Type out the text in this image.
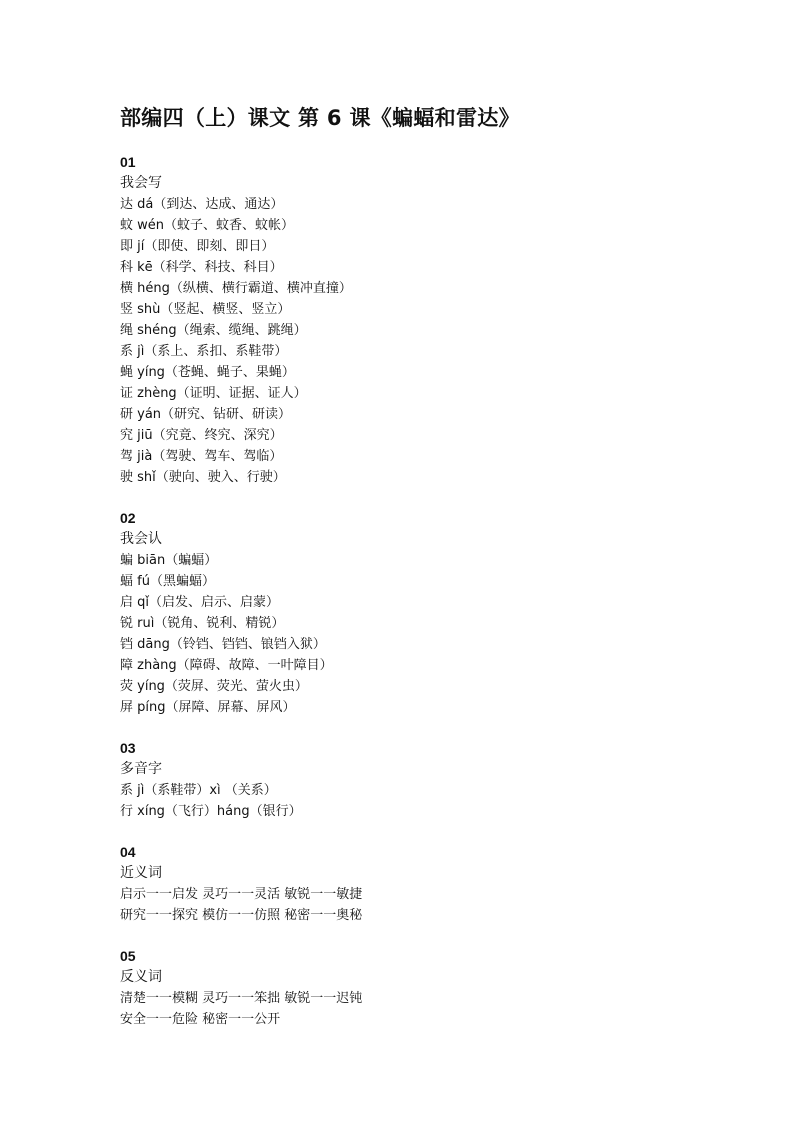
部编四（上）课文 第 6 课《蝙蝠和雷达》
01
我会写
达 dá（到达、达成、通达）
蚊 wén（蚊子、蚊香、蚊帐）
即 jí（即使、即刻、即日）
科 kē（科学、科技、科目）
横 héng（纵横、横行霸道、横冲直撞）
竖 shù（竖起、横竖、竖立）
绳 shéng（绳索、缆绳、跳绳）
系 jì（系上、系扣、系鞋带）
蝇 yíng（苍蝇、蝇子、果蝇）
证 zhèng（证明、证据、证人）
研 yán（研究、钻研、研读）
究 jiū（究竟、终究、深究）
驾 jià（驾驶、驾车、驾临）
驶 shǐ（驶向、驶入、行驶）
02
我会认
蝙 biān（蝙蝠）
蝠 fú（黑蝙蝠）
启 qǐ（启发、启示、启蒙）
锐 ruì（锐角、锐利、精锐）
铛 dāng（铃铛、铛铛、锒铛入狱）
障 zhàng（障碍、故障、一叶障目）
荧 yíng（荧屏、荧光、萤火虫）
屏 píng（屏障、屏幕、屏风）
03
多音字
系 jì（系鞋带）xì （关系）
行 xíng（飞行）háng（银行）
04
近义词
启示一一启发 灵巧一一灵活 敏锐一一敏捷
研究一一探究 模仿一一仿照 秘密一一奥秘
05
反义词
清楚一一模糊 灵巧一一笨拙 敏锐一一迟钝
安全一一危险 秘密一一公开
